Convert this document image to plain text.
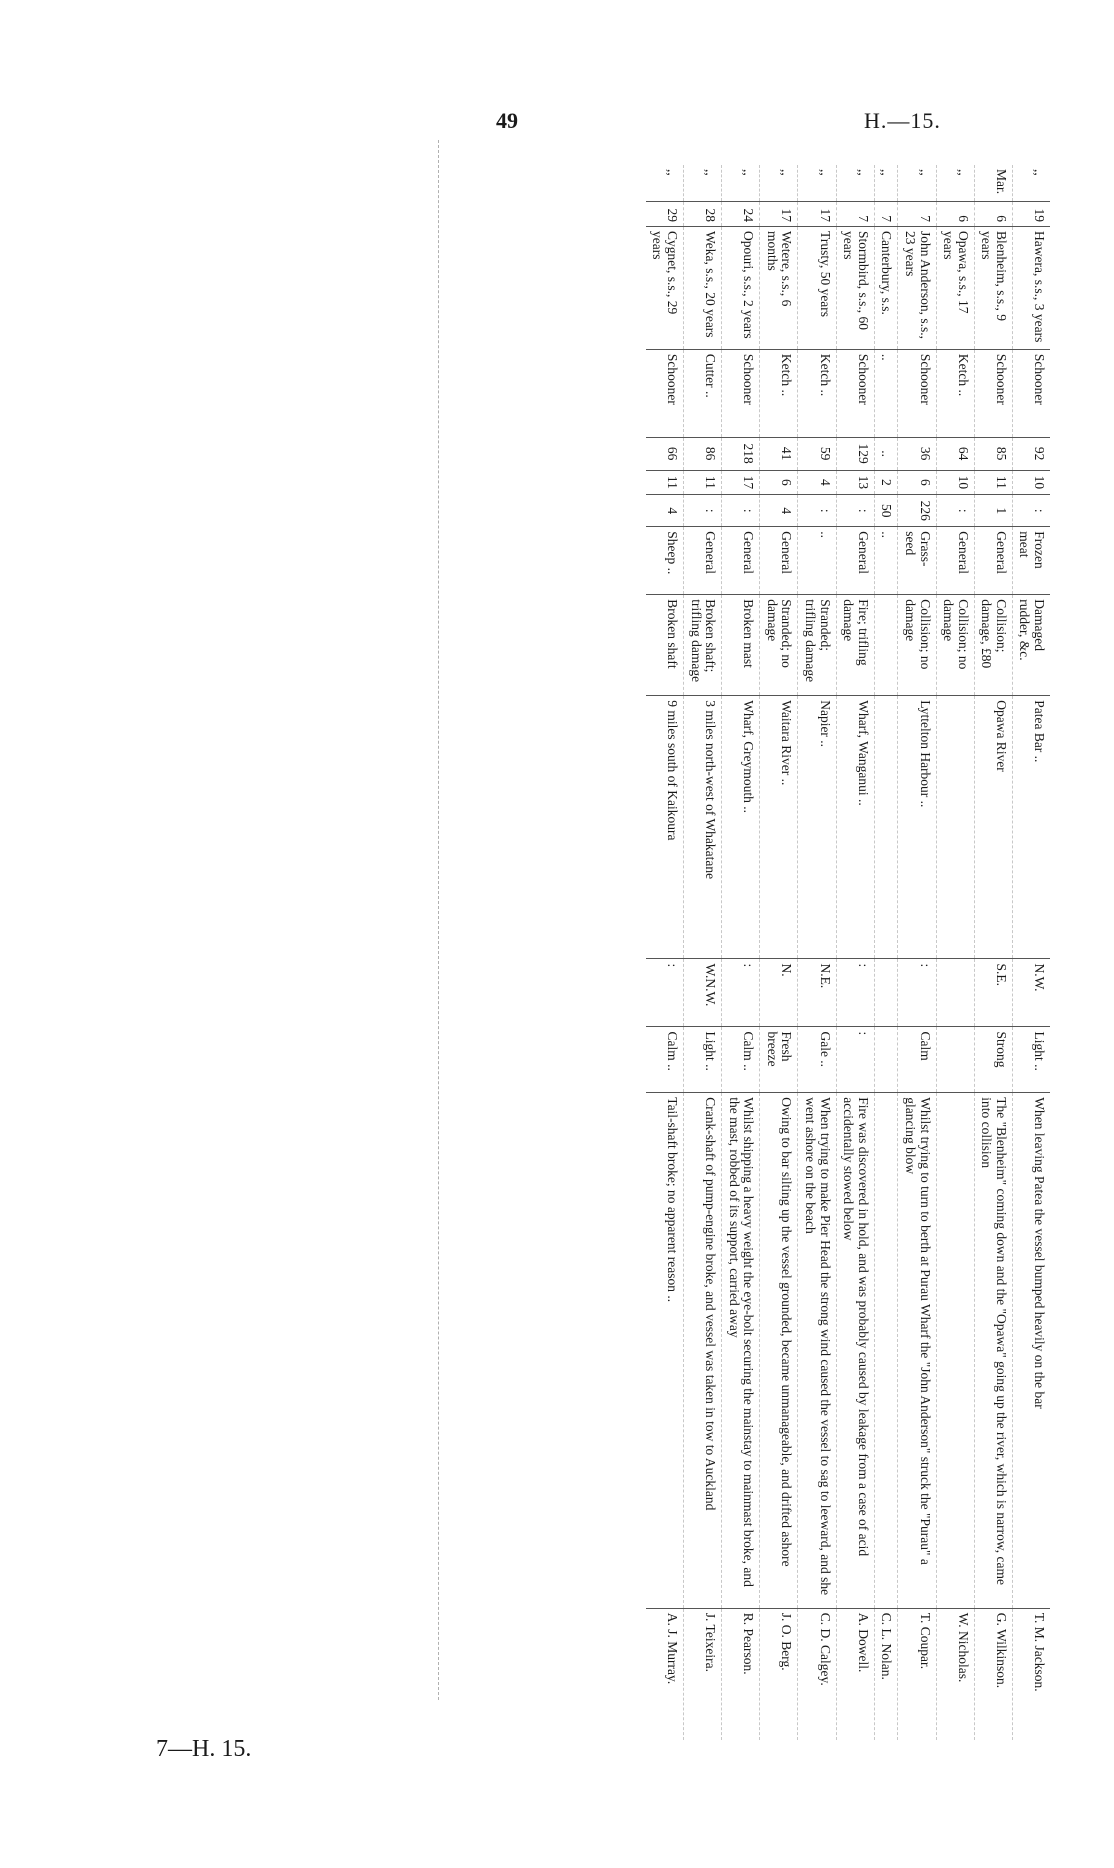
49	H.—15.
,,	19	Hawera, s.s., 3 years	Schooner	92	10	:	Frozen meat	Damaged rudder, &c.	Patea Bar ..	N.W.	Light ..	When leaving Patea the vessel bumped heavily on the bar	T. M. Jackson.
Mar.	6	Blenheim, s.s., 9 years	Schooner	85	11	1	General	Collision; damage, £80	Opawa River	S.E.	Strong	The "Blenheim" coming down and the "Opawa" going up the river, which is narrow, came into collision	G. Wilkinson.
,,	6	Opawa, s.s., 17 years	Ketch ..	64	10	:	General	Collision; no damage					W. Nicholas.
,,	7	John Anderson, s.s., 23 years	Schooner	36	6	226	Grass-seed	Collision; no damage	Lyttelton Harbour ..	:	Calm	Whilst trying to turn to berth at Purau Wharf the "John Anderson" struck the "Purau" a glancing blow	T. Coupar.
,,	7	Canterbury, s.s.	..	..	2	50	..						C. L. Nolan.
,,	7	Stormbird, s.s., 60 years	Schooner	129	13	:	General	Fire; trifling damage	Wharf, Wanganui ..	:	:	Fire was discovered in hold, and was probably caused by leakage from a case of acid accidentally stowed below	A. Dowell.
,,	17	Trusty, 50 years	Ketch ..	59	4	:	..	Stranded; trifling damage	Napier ..	N.E.	Gale ..	When trying to make Pier Head the strong wind caused the vessel to sag to leeward, and she went ashore on the beach	C. D. Calgey.
,,	17	Wetere, s.s., 6 months	Ketch ..	41	6	4	General	Stranded; no damage	Waitara River ..	N.	Fresh breeze	Owing to bar silting up the vessel grounded, became unmanageable, and drifted ashore	J. O. Berg.
,,	24	Opouri, s.s., 2 years	Schooner	218	17	:	General	Broken mast	Wharf, Greymouth ..	:	Calm ..	Whilst shipping a heavy weight the eye-bolt securing the mainstay to mainmast broke, and the mast, robbed of its support, carried away	R. Pearson.
,,	28	Weka, s.s., 20 years	Cutter ..	86	11	:	General	Broken shaft; trifling damage	3 miles north-west of Whakatane	W.N.W.	Light ..	Crank-shaft of pump-engine broke, and vessel was taken in tow to Auckland	J. Teixeira.
,,	29	Cygnet, s.s., 29 years	Schooner	66	11	4	Sheep ..	Broken shaft	9 miles south of Kaikoura	:	Calm ..	Tail-shaft broke; no apparent reason ..	A. J. Murray.
7—H. 15.
